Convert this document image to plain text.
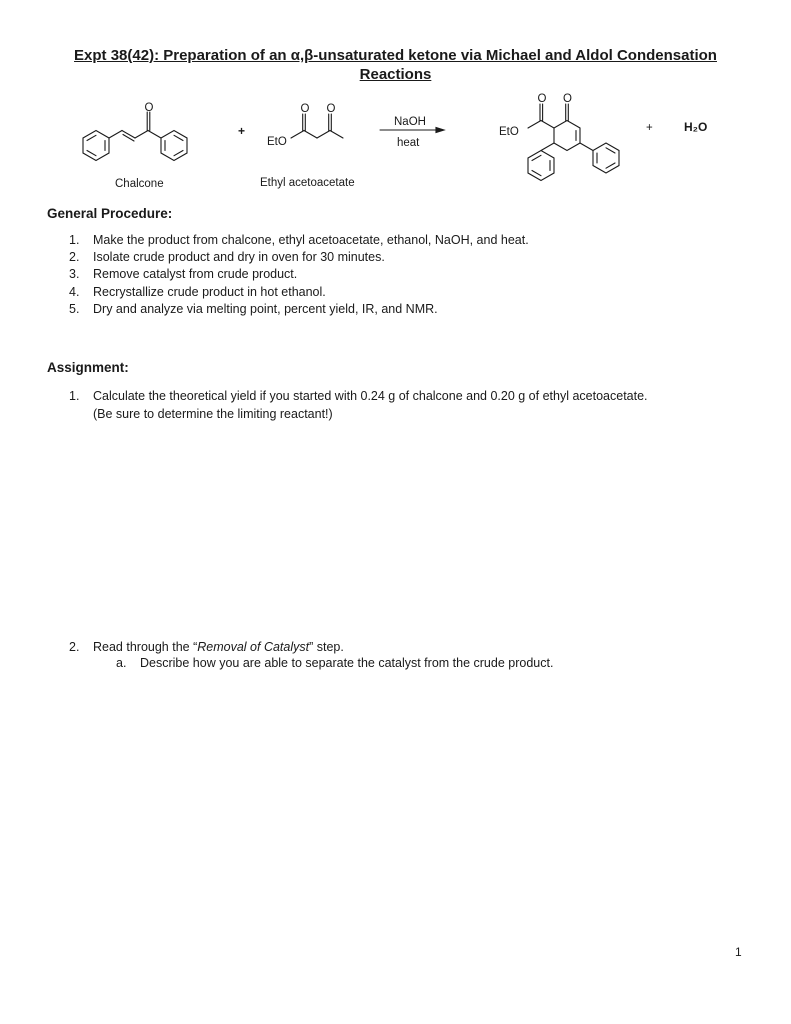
Expt 38(42): Preparation of an α,β-unsaturated ketone via Michael and Aldol Condensation Reactions
O	O O
EtO
EtO
O O
+	+
NaOH
heat
H₂O
Chalcone	Ethyl acetoacetate
General Procedure:
1. Make the product from chalcone, ethyl acetoacetate, ethanol, NaOH, and heat.
2. Isolate crude product and dry in oven for 30 minutes.
3. Remove catalyst from crude product.
4. Recrystallize crude product in hot ethanol.
5. Dry and analyze via melting point, percent yield, IR, and NMR.
Assignment:
1. Calculate the theoretical yield if you started with 0.24 g of chalcone and 0.20 g of ethyl acetoacetate.
(Be sure to determine the limiting reactant!)
2. Read through the “Removal of Catalyst” step.
a. Describe how you are able to separate the catalyst from the crude product.
1
